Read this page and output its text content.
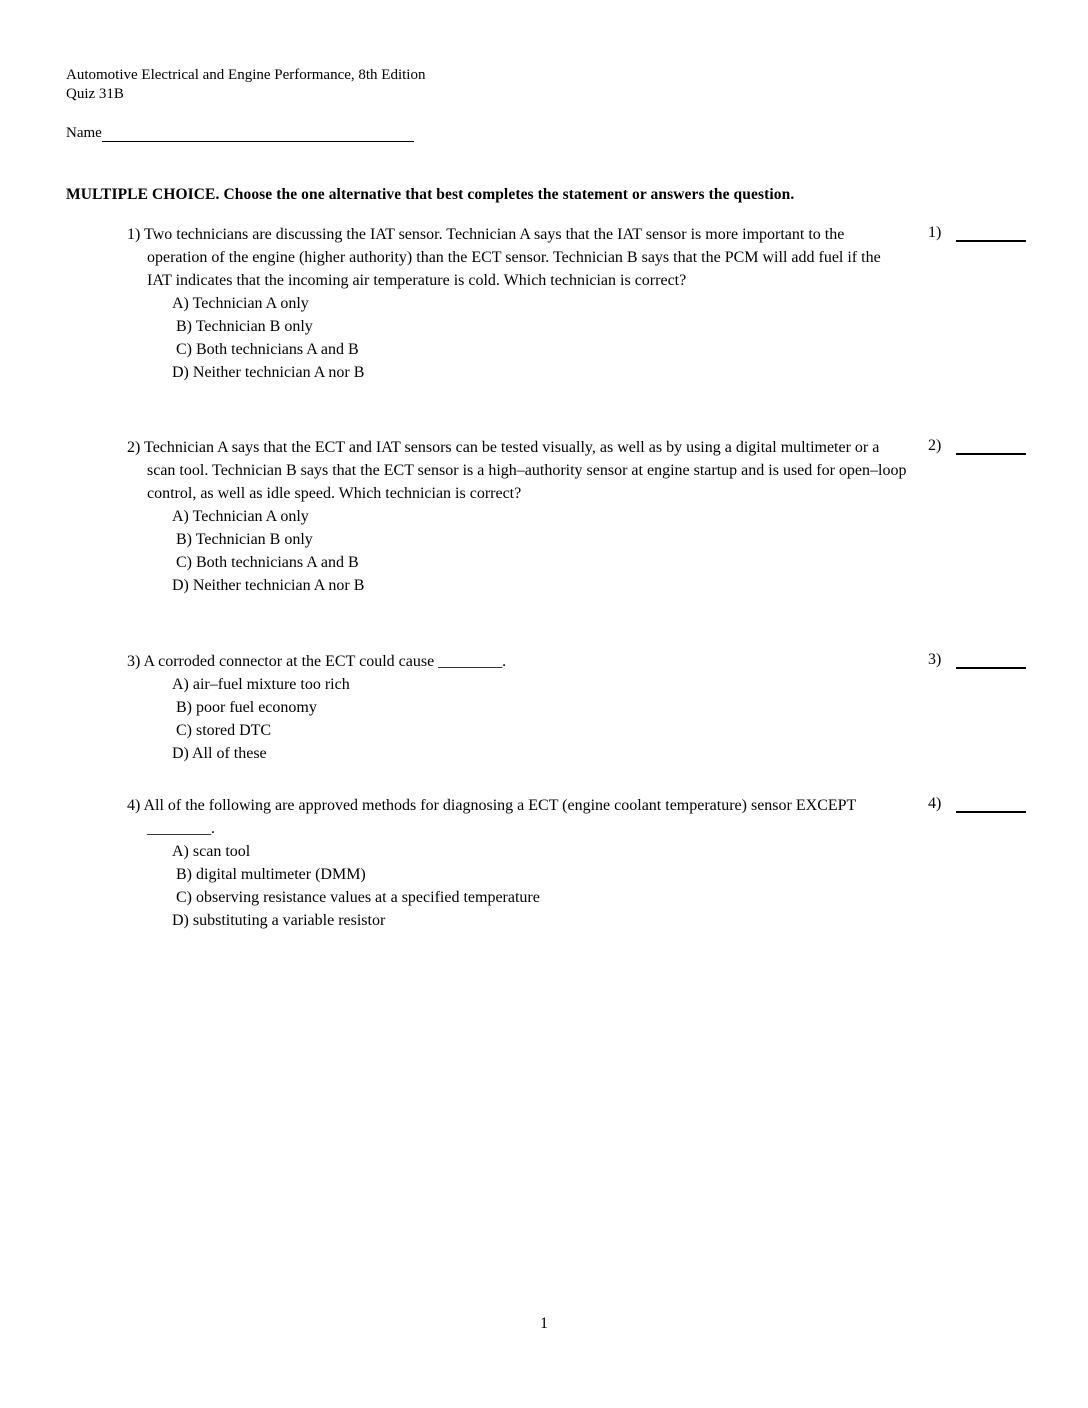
Automotive Electrical and Engine Performance, 8th Edition
Quiz 31B
Name
MULTIPLE CHOICE. Choose the one alternative that best completes the statement or answers the question.
1) Two technicians are discussing the IAT sensor. Technician A says that the IAT sensor is more important to the operation of the engine (higher authority) than the ECT sensor. Technician B says that the PCM will add fuel if the IAT indicates that the incoming air temperature is cold. Which technician is correct?
A) Technician A only
B) Technician B only
C) Both technicians A and B
D) Neither technician A nor B
1)
2) Technician A says that the ECT and IAT sensors can be tested visually, as well as by using a digital multimeter or a scan tool. Technician B says that the ECT sensor is a high–authority sensor at engine startup and is used for open–loop control, as well as idle speed. Which technician is correct?
A) Technician A only
B) Technician B only
C) Both technicians A and B
D) Neither technician A nor B
2)
3) A corroded connector at the ECT could cause ________.
A) air–fuel mixture too rich
B) poor fuel economy
C) stored DTC
D) All of these
3)
4) All of the following are approved methods for diagnosing a ECT (engine coolant temperature) sensor EXCEPT ________.
A) scan tool
B) digital multimeter (DMM)
C) observing resistance values at a specified temperature
D) substituting a variable resistor
4)
1
